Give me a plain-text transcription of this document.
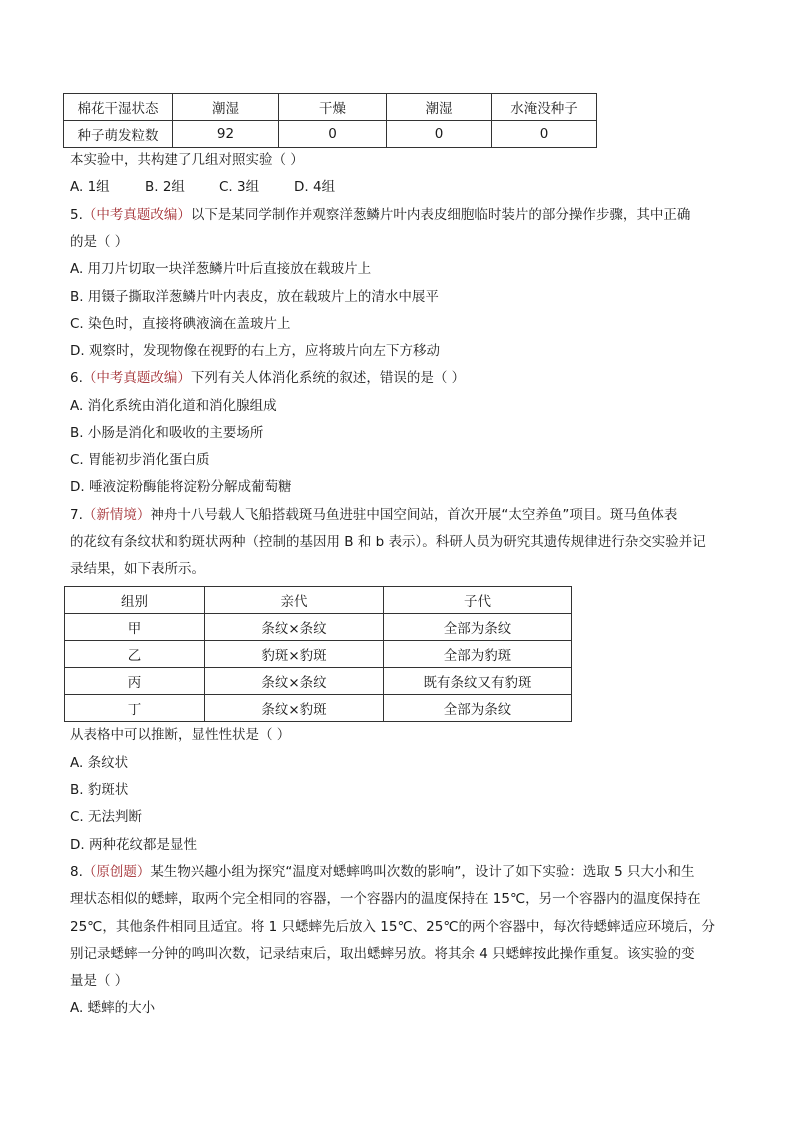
棉花干湿状态	潮湿	干燥	潮湿	水淹没种子
种子萌发粒数	92	0	0	0
本实验中，共构建了几组对照实验（ ）
A. 1组	B. 2组	C. 3组	D. 4组
5.（中考真题改编）以下是某同学制作并观察洋葱鳞片叶内表皮细胞临时装片的部分操作步骤，其中正确
的是（ ）
A. 用刀片切取一块洋葱鳞片叶后直接放在载玻片上
B. 用镊子撕取洋葱鳞片叶内表皮，放在载玻片上的清水中展平
C. 染色时，直接将碘液滴在盖玻片上
D. 观察时，发现物像在视野的右上方，应将玻片向左下方移动
6.（中考真题改编）下列有关人体消化系统的叙述，错误的是（ ）
A. 消化系统由消化道和消化腺组成
B. 小肠是消化和吸收的主要场所
C. 胃能初步消化蛋白质
D. 唾液淀粉酶能将淀粉分解成葡萄糖
7.（新情境）神舟十八号载人飞船搭载斑马鱼进驻中国空间站，首次开展“太空养鱼”项目。斑马鱼体表
的花纹有条纹状和豹斑状两种（控制的基因用 B 和 b 表示）。科研人员为研究其遗传规律进行杂交实验并记
录结果，如下表所示。
组别	亲代	子代
甲	条纹×条纹	全部为条纹
乙	豹斑×豹斑	全部为豹斑
丙	条纹×条纹	既有条纹又有豹斑
丁	条纹×豹斑	全部为条纹
从表格中可以推断，显性性状是（ ）
A. 条纹状
B. 豹斑状
C. 无法判断
D. 两种花纹都是显性
8.（原创题）某生物兴趣小组为探究“温度对蟋蟀鸣叫次数的影响”，设计了如下实验：选取 5 只大小和生
理状态相似的蟋蟀，取两个完全相同的容器，一个容器内的温度保持在 15℃，另一个容器内的温度保持在
25℃，其他条件相同且适宜。将 1 只蟋蟀先后放入 15℃、25℃的两个容器中，每次待蟋蟀适应环境后，分
别记录蟋蟀一分钟的鸣叫次数，记录结束后，取出蟋蟀另放。将其余 4 只蟋蟀按此操作重复。该实验的变
量是（ ）
A. 蟋蟀的大小
